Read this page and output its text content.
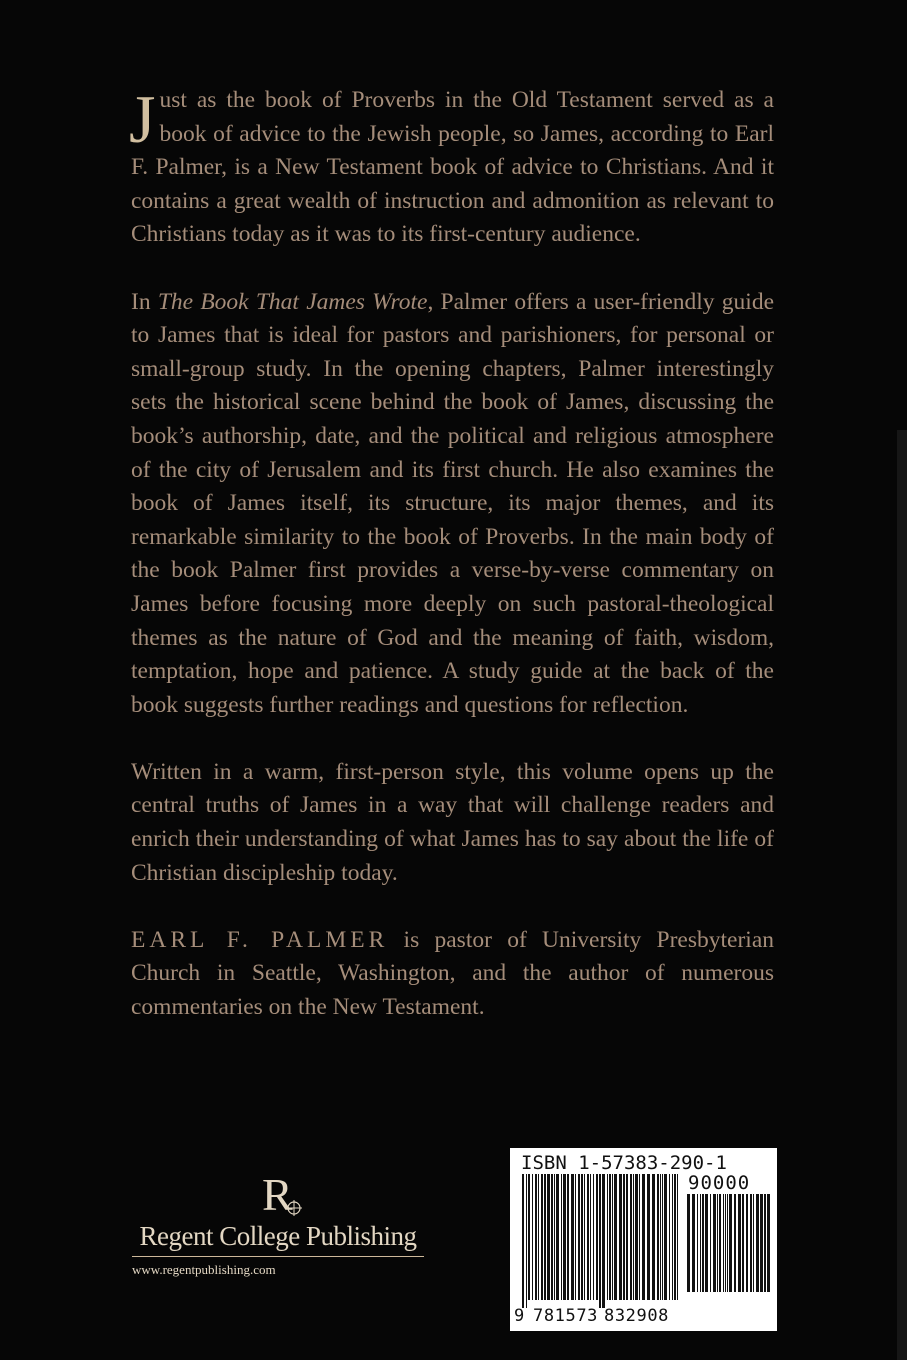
Just as the book of Proverbs in the Old Testament served as a book of advice to the Jewish people, so James, according to Earl F. Palmer, is a New Testament book of advice to Christians. And it contains a great wealth of instruction and admonition as relevant to Christians today as it was to its first-century audience.

In The Book That James Wrote, Palmer offers a user-friendly guide to James that is ideal for pastors and parishioners, for personal or small-group study. In the opening chapters, Palmer interestingly sets the historical scene behind the book of James, discussing the book’s authorship, date, and the political and religious atmosphere of the city of Jerusalem and its first church. He also examines the book of James itself, its structure, its major themes, and its remarkable similarity to the book of Proverbs. In the main body of the book Palmer first provides a verse-by-verse commentary on James before focusing more deeply on such pastoral-theological themes as the nature of God and the meaning of faith, wisdom, temptation, hope and patience. A study guide at the back of the book suggests further readings and questions for reflection.

Written in a warm, first-person style, this volume opens up the central truths of James in a way that will challenge readers and enrich their understanding of what James has to say about the life of Christian discipleship today.

EARL F. PALMER is pastor of University Presbyterian Church in Seattle, Washington, and the author of numerous commentaries on the New Testament.

R
Regent College Publishing
www.regentpublishing.com
ISBN 1-57383-290-1
90000
9 781573 832908
